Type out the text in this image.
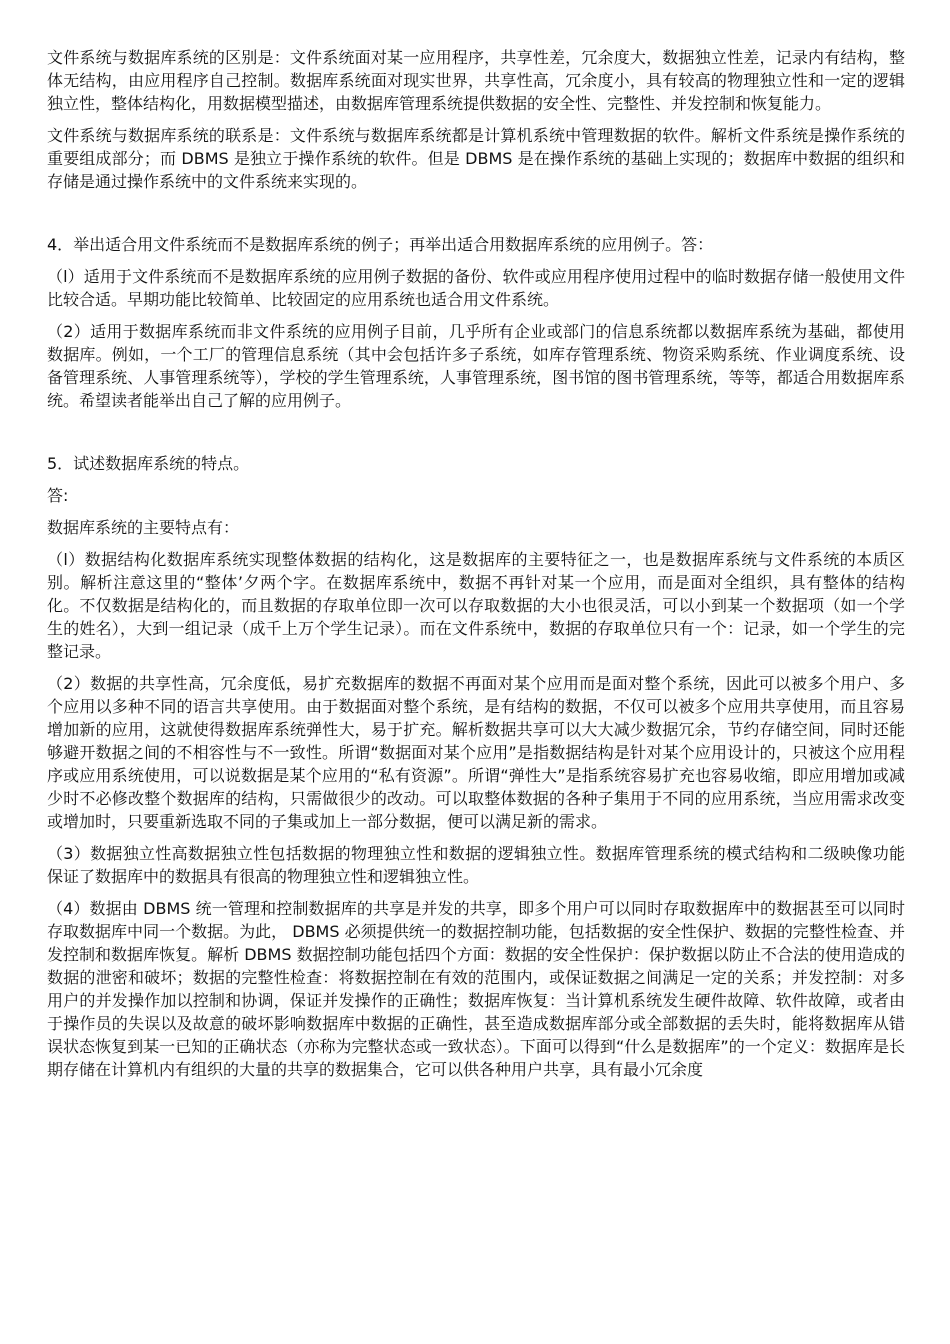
文件系统与数据库系统的区别是：文件系统面对某一应用程序，共享性差，冗余度大，数据独立性差，记录内有结构，整体无结构，由应用程序自己控制。数据库系统面对现实世界，共享性高，冗余度小，具有较高的物理独立性和一定的逻辑独立性，整体结构化，用数据模型描述，由数据库管理系统提供数据的安全性、完整性、并发控制和恢复能力。

文件系统与数据库系统的联系是：文件系统与数据库系统都是计算机系统中管理数据的软件。解析文件系统是操作系统的重要组成部分；而 DBMS 是独立于操作系统的软件。但是 DBMS 是在操作系统的基础上实现的；数据库中数据的组织和存储是通过操作系统中的文件系统来实现的。

4．举出适合用文件系统而不是数据库系统的例子；再举出适合用数据库系统的应用例子。答：

（l）适用于文件系统而不是数据库系统的应用例子数据的备份、软件或应用程序使用过程中的临时数据存储一般使用文件比较合适。早期功能比较简单、比较固定的应用系统也适合用文件系统。

（2）适用于数据库系统而非文件系统的应用例子目前，几乎所有企业或部门的信息系统都以数据库系统为基础，都使用数据库。例如，一个工厂的管理信息系统（其中会包括许多子系统，如库存管理系统、物资采购系统、作业调度系统、设备管理系统、人事管理系统等），学校的学生管理系统，人事管理系统，图书馆的图书管理系统，等等，都适合用数据库系统。希望读者能举出自己了解的应用例子。

5．试述数据库系统的特点。

答:

数据库系统的主要特点有：

（l）数据结构化数据库系统实现整体数据的结构化，这是数据库的主要特征之一，也是数据库系统与文件系统的本质区别。解析注意这里的“整体’夕两个字。在数据库系统中，数据不再针对某一个应用，而是面对全组织，具有整体的结构化。不仅数据是结构化的，而且数据的存取单位即一次可以存取数据的大小也很灵活，可以小到某一个数据项（如一个学生的姓名），大到一组记录（成千上万个学生记录）。而在文件系统中，数据的存取单位只有一个：记录，如一个学生的完整记录。

（2）数据的共享性高，冗余度低，易扩充数据库的数据不再面对某个应用而是面对整个系统，因此可以被多个用户、多个应用以多种不同的语言共享使用。由于数据面对整个系统，是有结构的数据，不仅可以被多个应用共享使用，而且容易增加新的应用，这就使得数据库系统弹性大，易于扩充。解析数据共享可以大大减少数据冗余，节约存储空间，同时还能够避开数据之间的不相容性与不一致性。所谓“数据面对某个应用”是指数据结构是针对某个应用设计的，只被这个应用程序或应用系统使用，可以说数据是某个应用的“私有资源”。所谓“弹性大”是指系统容易扩充也容易收缩，即应用增加或减少时不必修改整个数据库的结构，只需做很少的改动。可以取整体数据的各种子集用于不同的应用系统，当应用需求改变或增加时，只要重新选取不同的子集或加上一部分数据，便可以满足新的需求。

（3）数据独立性高数据独立性包括数据的物理独立性和数据的逻辑独立性。数据库管理系统的模式结构和二级映像功能保证了数据库中的数据具有很高的物理独立性和逻辑独立性。

（4）数据由 DBMS 统一管理和控制数据库的共享是并发的共享，即多个用户可以同时存取数据库中的数据甚至可以同时存取数据库中同一个数据。为此， DBMS 必须提供统一的数据控制功能，包括数据的安全性保护、数据的完整性检查、并发控制和数据库恢复。解析 DBMS 数据控制功能包括四个方面：数据的安全性保护：保护数据以防止不合法的使用造成的数据的泄密和破坏；数据的完整性检查：将数据控制在有效的范围内，或保证数据之间满足一定的关系；并发控制：对多用户的并发操作加以控制和协调，保证并发操作的正确性；数据库恢复：当计算机系统发生硬件故障、软件故障，或者由于操作员的失误以及故意的破坏影响数据库中数据的正确性，甚至造成数据库部分或全部数据的丢失时，能将数据库从错误状态恢复到某一已知的正确状态（亦称为完整状态或一致状态）。下面可以得到“什么是数据库”的一个定义：数据库是长期存储在计算机内有组织的大量的共享的数据集合，它可以供各种用户共享，具有最小冗余度
